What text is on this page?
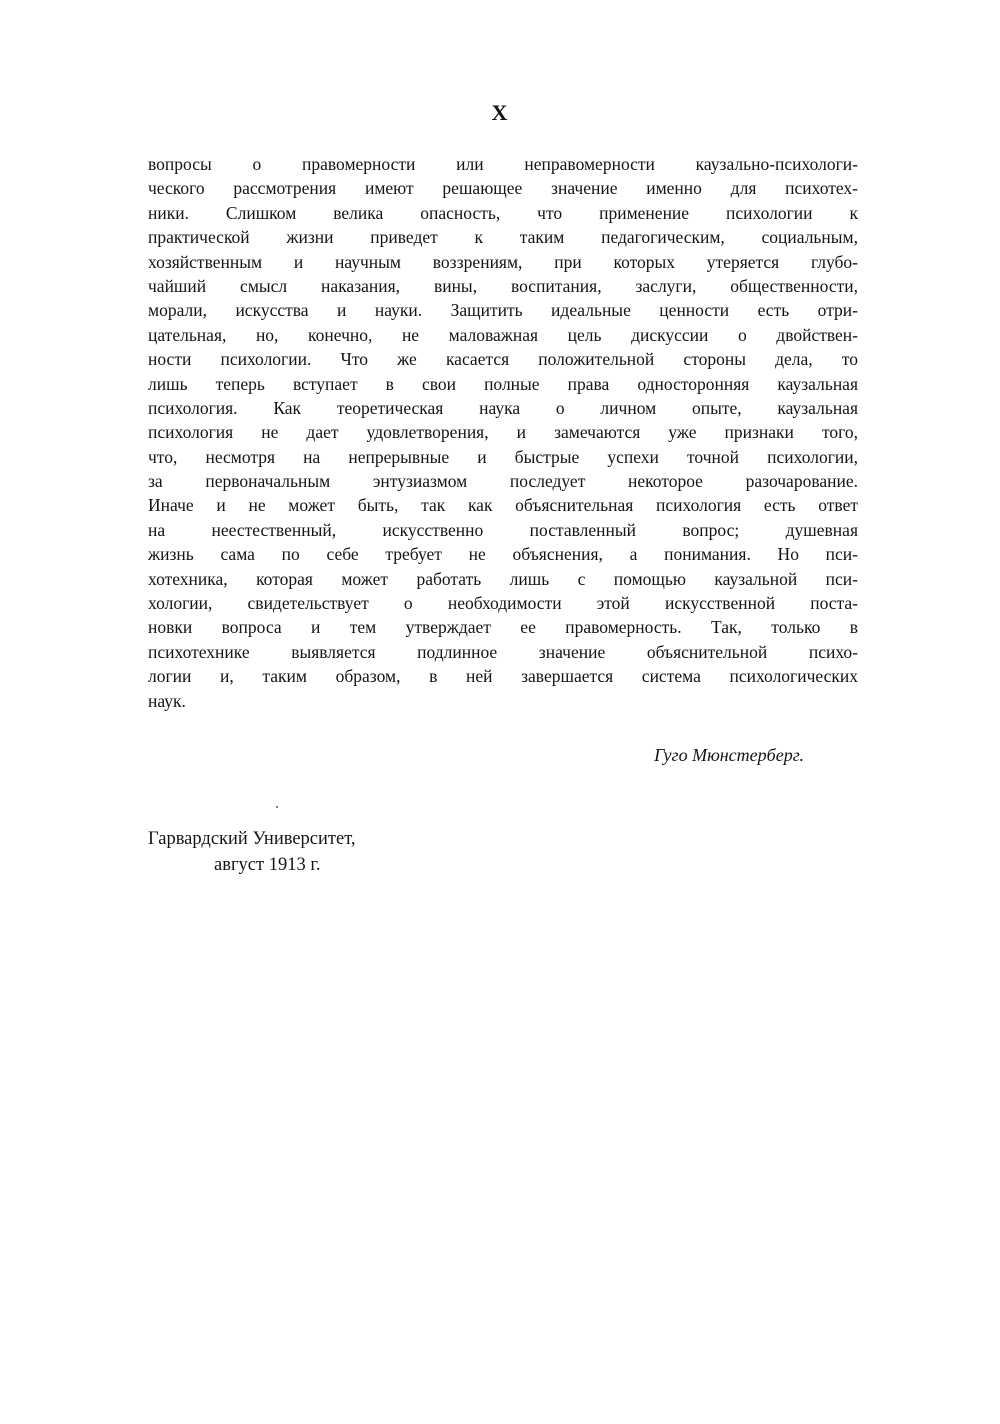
X
вопросы о правомерности или неправомерности каузально-психологи-
ческого рассмотрения имеют решающее значение именно для психотех-
ники. Слишком велика опасность, что применение психологии к
практической жизни приведет к таким педагогическим, социальным,
хозяйственным и научным воззрениям, при которых утеряется глубо-
чайший смысл наказания, вины, воспитания, заслуги, общественности,
морали, искусства и науки. Защитить идеальные ценности есть отри-
цательная, но, конечно, не маловажная цель дискуссии о двойствен-
ности психологии. Что же касается положительной стороны дела, то
лишь теперь вступает в свои полные права односторонняя каузальная
психология. Как теоретическая наука о личном опыте, каузальная
психология не дает удовлетворения, и замечаются уже признаки того,
что, несмотря на непрерывные и быстрые успехи точной психологии,
за первоначальным энтузиазмом последует некоторое разочарование.
Иначе и не может быть, так как объяснительная психология есть ответ
на неестественный, искусственно поставленный вопрос; душевная
жизнь сама по себе требует не объяснения, а понимания. Но пси-
хотехника, которая может работать лишь с помощью каузальной пси-
хологии, свидетельствует о необходимости этой искусственной поста-
новки вопроса и тем утверждает ее правомерность. Так, только в
психотехнике выявляется подлинное значение объяснительной психо-
логии и, таким образом, в ней завершается система психологических
наук.
Гуго Мюнстерберг.
Гарвардский Университет,
август 1913 г.
